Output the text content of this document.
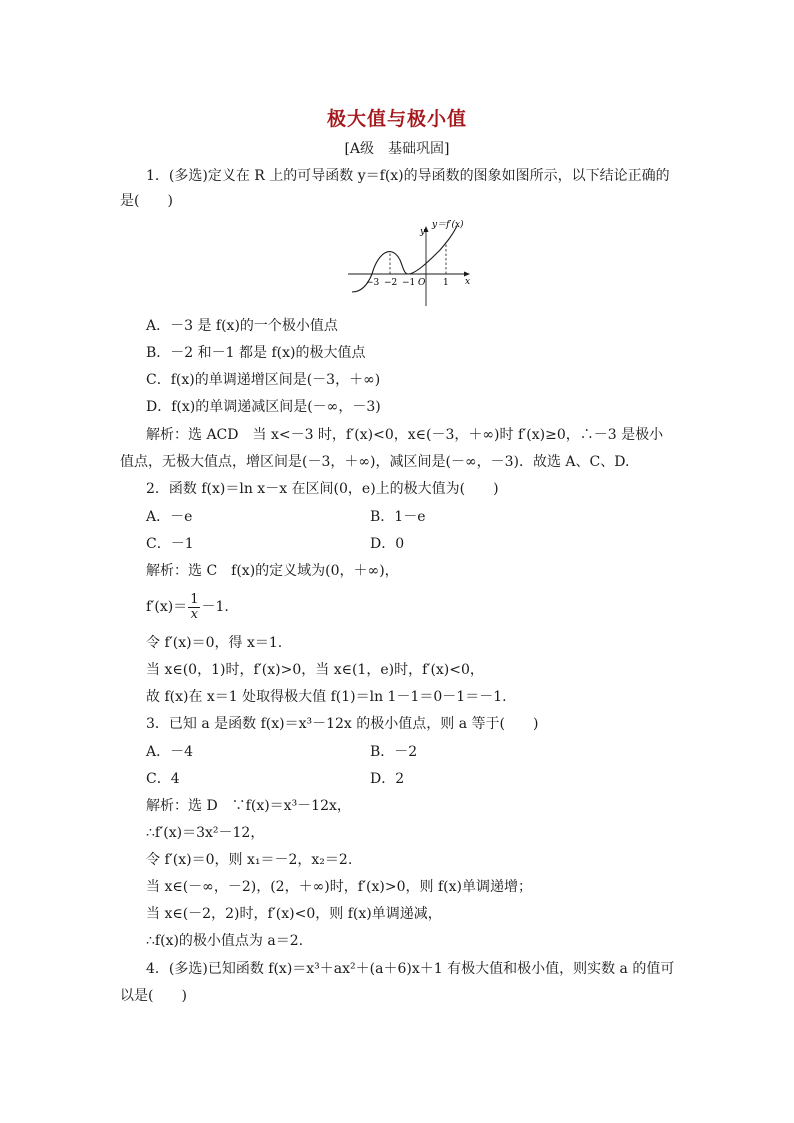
极大值与极小值
[A级　基础巩固]
1．(多选)定义在 R 上的可导函数 y＝f(x)的导函数的图象如图所示，以下结论正确的
是(　　)
y
x
y＝f′(x)
O
−3 −2 −1	1
A．－3 是 f(x)的一个极小值点
B．－2 和－1 都是 f(x)的极大值点
C．f(x)的单调递增区间是(－3，＋∞)
D．f(x)的单调递减区间是(－∞，－3)
解析：选 ACD　当 x<－3 时，f′(x)<0，x∈(－3，＋∞)时 f′(x)≥0，∴－3 是极小
值点，无极大值点，增区间是(－3，＋∞)，减区间是(－∞，－3)．故选 A、C、D.
2．函数 f(x)＝ln x－x 在区间(0，e)上的极大值为(　　)
A．－e	B．1－e
C．－1	D．0
解析：选 C　f(x)的定义域为(0，＋∞)，
$f'(x)= \frac{1}{x} -1$.
令 f′(x)＝0，得 x＝1.
当 x∈(0，1)时，f′(x)>0，当 x∈(1，e)时，f′(x)<0，
故 f(x)在 x＝1 处取得极大值 f(1)＝ln 1－1＝0－1＝－1.
3．已知 a 是函数 f(x)＝x³－12x 的极小值点，则 a 等于(　　)
A．－4	B．－2
C．4	D．2
解析：选 D　∵f(x)＝x³－12x，
∴f′(x)＝3x²－12，
令 f′(x)＝0，则 x₁＝－2，x₂＝2.
当 x∈(－∞，－2)，(2，＋∞)时，f′(x)>0，则 f(x)单调递增；
当 x∈(－2，2)时，f′(x)<0，则 f(x)单调递减，
∴f(x)的极小值点为 a＝2.
4．(多选)已知函数 f(x)＝x³＋ax²＋(a＋6)x＋1 有极大值和极小值，则实数 a 的值可
以是(　　)
